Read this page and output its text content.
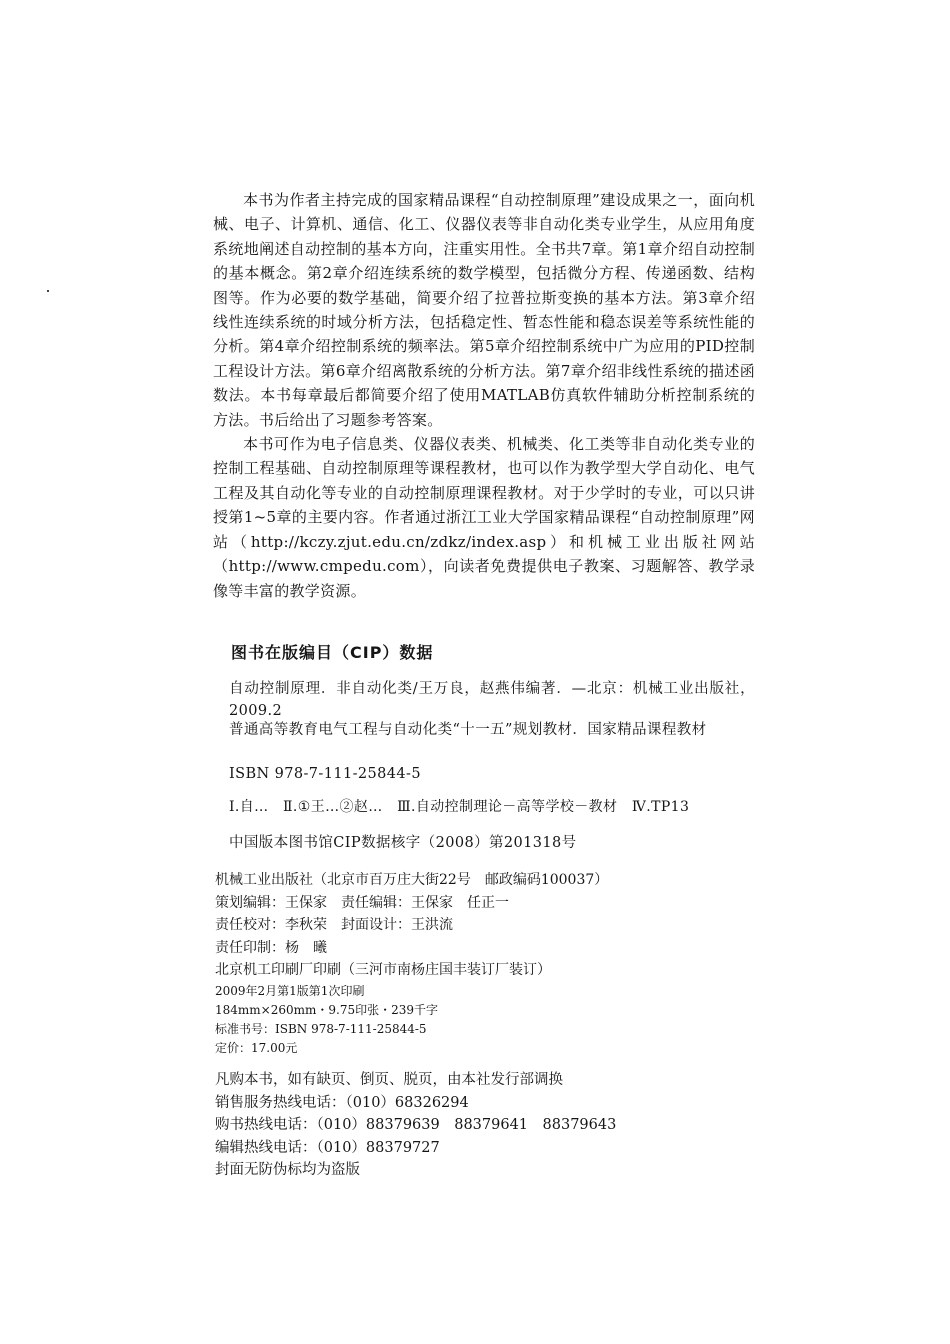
本书为作者主持完成的国家精品课程“自动控制原理”建设成果之一，面向机械、电子、计算机、通信、化工、仪器仪表等非自动化类专业学生，从应用角度系统地阐述自动控制的基本方向，注重实用性。全书共7章。第1章介绍自动控制的基本概念。第2章介绍连续系统的数学模型，包括微分方程、传递函数、结构图等。作为必要的数学基础，简要介绍了拉普拉斯变换的基本方法。第3章介绍线性连续系统的时域分析方法，包括稳定性、暂态性能和稳态误差等系统性能的分析。第4章介绍控制系统的频率法。第5章介绍控制系统中广为应用的PID控制工程设计方法。第6章介绍离散系统的分析方法。第7章介绍非线性系统的描述函数法。本书每章最后都简要介绍了使用MATLAB仿真软件辅助分析控制系统的方法。书后给出了习题参考答案。

本书可作为电子信息类、仪器仪表类、机械类、化工类等非自动化类专业的控制工程基础、自动控制原理等课程教材，也可以作为教学型大学自动化、电气工程及其自动化等专业的自动控制原理课程教材。对于少学时的专业，可以只讲授第1~5章的主要内容。作者通过浙江工业大学国家精品课程“自动控制原理”网站（http://kczy.zjut.edu.cn/zdkz/index.asp）和机械工业出版社网站（http://www.cmpedu.com），向读者免费提供电子教案、习题解答、教学录像等丰富的教学资源。

图书在版编目（CIP）数据

自动控制原理．非自动化类/王万良，赵燕伟编著．—北京：机械工业出版社，2009.2

普通高等教育电气工程与自动化类“十一五”规划教材．国家精品课程教材

ISBN 978-7-111-25844-5

Ⅰ.自…　Ⅱ.①王…②赵…　Ⅲ.自动控制理论－高等学校－教材　Ⅳ.TP13

中国版本图书馆CIP数据核字（2008）第201318号

机械工业出版社（北京市百万庄大街22号　邮政编码100037）

策划编辑：王保家　责任编辑：王保家　任正一

责任校对：李秋荣　封面设计：王洪流

责任印制：杨　曦

北京机工印刷厂印刷（三河市南杨庄国丰装订厂装订）

2009年2月第1版第1次印刷

184mm×260mm・9.75印张・239千字

标准书号：ISBN 978-7-111-25844-5

定价：17.00元

凡购本书，如有缺页、倒页、脱页，由本社发行部调换

销售服务热线电话：（010）68326294

购书热线电话：（010）88379639　88379641　88379643

编辑热线电话：（010）88379727

封面无防伪标均为盗版
